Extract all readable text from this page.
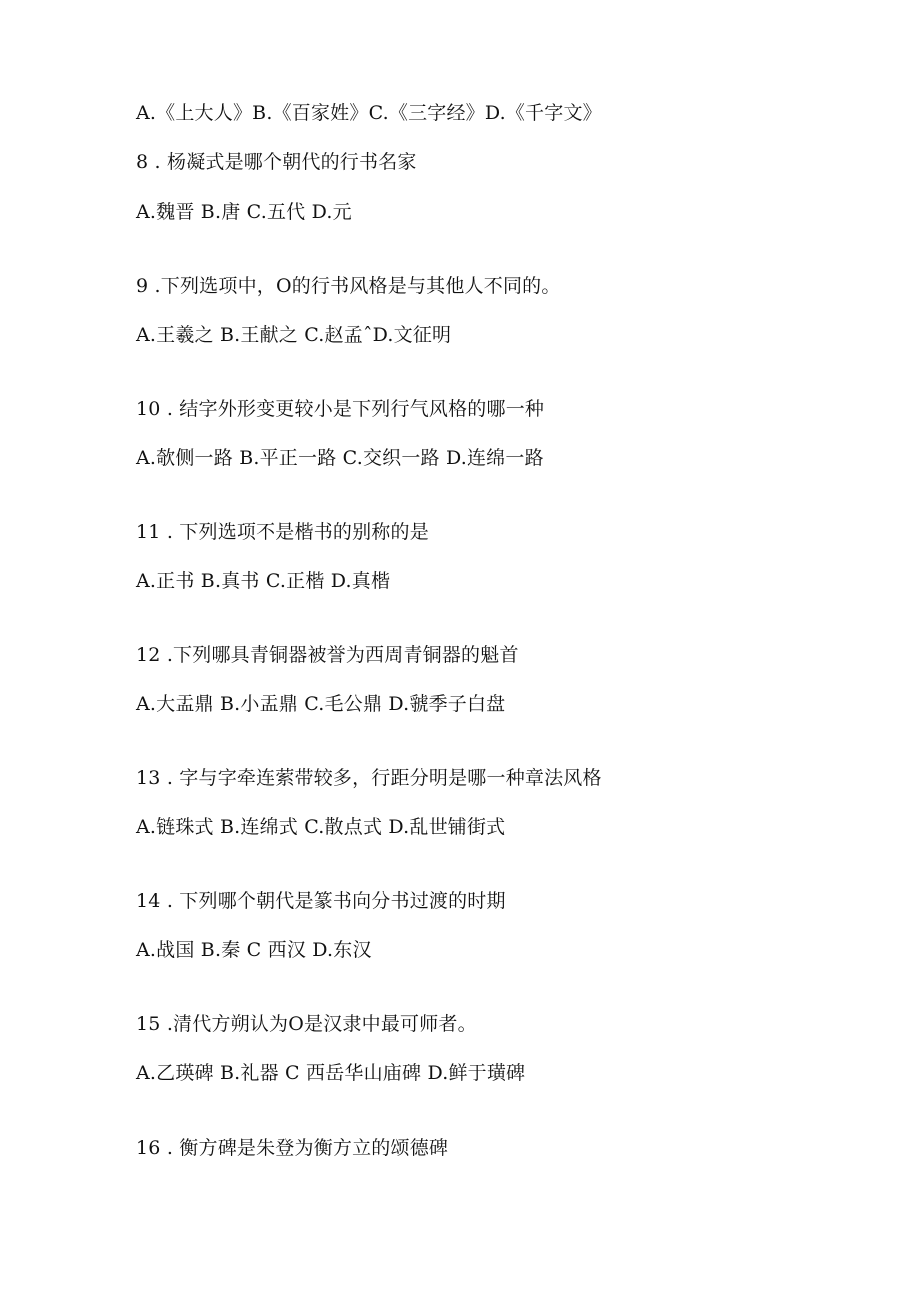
A.《上大人》B.《百家姓》C.《三字经》D.《千字文》
8 . 杨凝式是哪个朝代的行书名家
A.魏晋 B.唐 C.五代 D.元
9 .下列选项中，O的行书风格是与其他人不同的。
A.王羲之 B.王献之 C.赵孟ˆD.文征明
10 . 结字外形变更较小是下列行气风格的哪一种
A.欹侧一路 B.平正一路 C.交织一路 D.连绵一路
11 . 下列选项不是楷书的别称的是
A.正书 B.真书 C.正楷 D.真楷
12 .下列哪具青铜器被誉为西周青铜器的魁首
A.大盂鼎 B.小盂鼎 C.毛公鼎 D.虢季子白盘
13 . 字与字牵连萦带较多，行距分明是哪一种章法风格
A.链珠式 B.连绵式 C.散点式 D.乱世铺街式
14 . 下列哪个朝代是篆书向分书过渡的时期
A.战国 B.秦 C 西汉 D.东汉
15 .清代方朔认为O是汉隶中最可师者。
A.乙瑛碑 B.礼器 C 西岳华山庙碑 D.鲜于璜碑
16 . 衡方碑是朱登为衡方立的颂德碑
